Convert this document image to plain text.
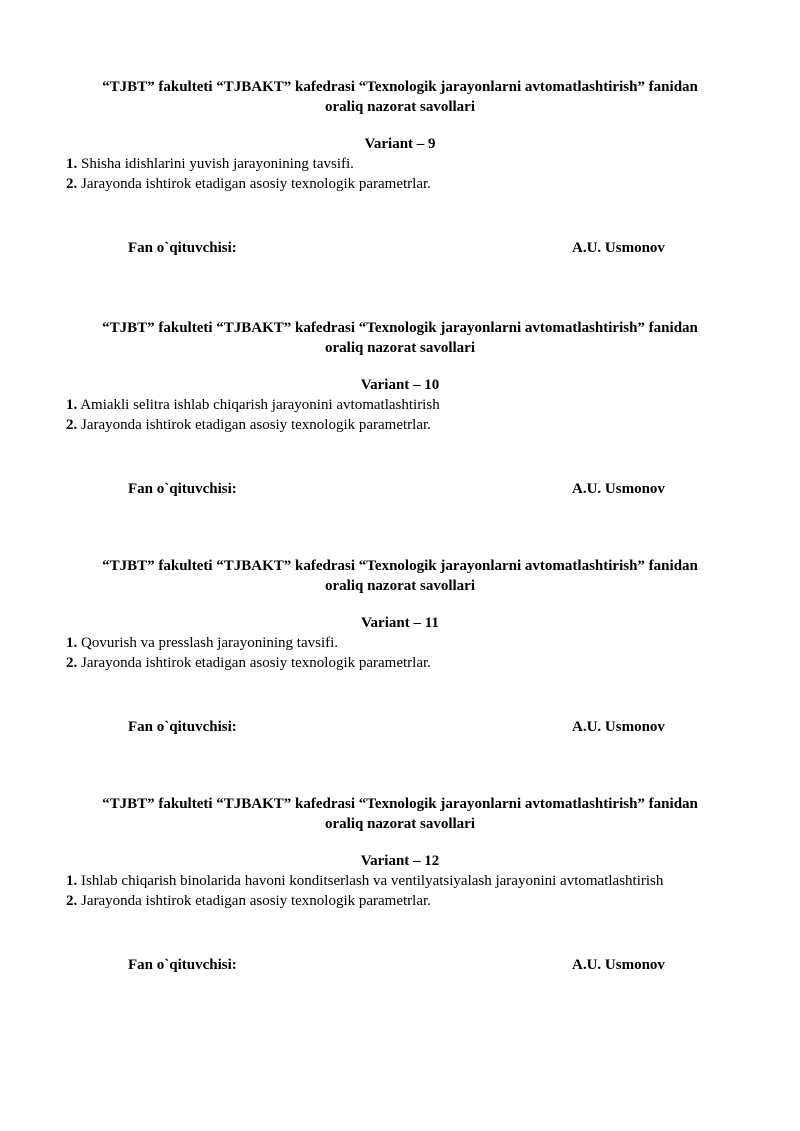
“TJBT” fakulteti “TJBAKT” kafedrasi “Texnologik jarayonlarni avtomatlashtirish” fanidan
oraliq nazorat savollari
Variant – 9
1. Shisha idishlarini yuvish jarayonining tavsifi.
2. Jarayonda ishtirok etadigan asosiy texnologik parametrlar.
Fan o`qituvchisi:	A.U. Usmonov
“TJBT” fakulteti “TJBAKT” kafedrasi “Texnologik jarayonlarni avtomatlashtirish” fanidan
oraliq nazorat savollari
Variant – 10
1. Amiakli selitra ishlab chiqarish jarayonini avtomatlashtirish
2. Jarayonda ishtirok etadigan asosiy texnologik parametrlar.
Fan o`qituvchisi:	A.U. Usmonov
“TJBT” fakulteti “TJBAKT” kafedrasi “Texnologik jarayonlarni avtomatlashtirish” fanidan
oraliq nazorat savollari
Variant – 11
1. Qovurish va presslash jarayonining tavsifi.
2. Jarayonda ishtirok etadigan asosiy texnologik parametrlar.
Fan o`qituvchisi:	A.U. Usmonov
“TJBT” fakulteti “TJBAKT” kafedrasi “Texnologik jarayonlarni avtomatlashtirish” fanidan
oraliq nazorat savollari
Variant – 12
1. Ishlab chiqarish binolarida havoni konditserlash va ventilyatsiyalash jarayonini avtomatlashtirish
2. Jarayonda ishtirok etadigan asosiy texnologik parametrlar.
Fan o`qituvchisi:	A.U. Usmonov
